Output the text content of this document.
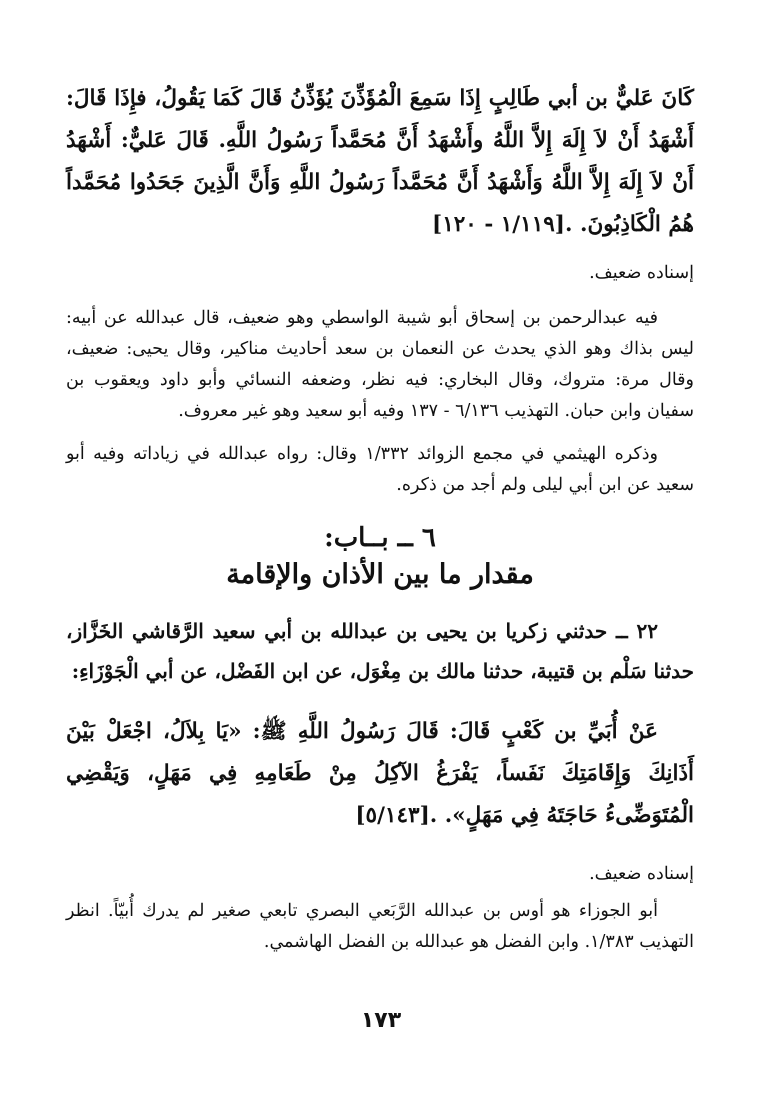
كَانَ عَليٌّ بن أبي طَالِبٍ إِذَا سَمِعَ الْمُؤَذِّنَ يُؤَذِّنُ قَالَ كَمَا يَقُولُ، فإِذَا قَالَ: أَشْهَدُ أَنْ لاَ إِلَهَ إِلاَّ اللَّهُ وأَشْهَدُ أَنَّ مُحَمَّداً رَسُولُ اللَّهِ. قَالَ عَليٌّ: أَشْهَدُ أَنْ لاَ إِلَهَ إِلاَّ اللَّهُ وَأَشْهَدُ أَنَّ مُحَمَّداً رَسُولُ اللَّهِ وَأَنَّ الَّذِينَ جَحَدُوا مُحَمَّداً هُمُ الْكَاذِبُونَ. [١/١١٩ - ١٢٠].

إسناده ضعيف.

فيه عبدالرحمن بن إسحاق أبو شيبة الواسطي وهو ضعيف، قال عبدالله عن أبيه: ليس بذاك وهو الذي يحدث عن النعمان بن سعد أحاديث مناكير، وقال يحيى: ضعيف، وقال مرة: متروك، وقال البخاري: فيه نظر، وضعفه النسائي وأبو داود ويعقوب بن سفيان وابن حبان. التهذيب ٦/١٣٦ - ١٣٧ وفيه أبو سعيد وهو غير معروف.

وذكره الهيثمي في مجمع الزوائد ١/٣٣٢ وقال: رواه عبدالله في زياداته وفيه أبو سعيد عن ابن أبي ليلى ولم أجد من ذكره.

٦ ــ بــاب:
مقدار ما بين الأذان والإقامة

٢٢ ــ حدثني زكريا بن يحيى بن عبدالله بن أبي سعيد الرَّقاشي الخَزَّاز، حدثنا سَلْم بن قتيبة، حدثنا مالك بن مِغْوَل، عن ابن الفَضْل، عن أبي الْجَوْزَاءِ:

عَنْ أُبَيِّ بن كَعْبٍ قَالَ: قَالَ رَسُولُ اللَّهِ ﷺ: «يَا بِلاَلُ، اجْعَلْ بَيْنَ أَذَانِكَ وَإِقَامَتِكَ نَفَساً، يَفْرَغُ الآكِلُ مِنْ طَعَامِهِ فِي مَهَلٍ، وَيَقْضِي الْمُتَوَضِّىءُ حَاجَتَهُ فِي مَهَلٍ». [٥/١٤٣].

إسناده ضعيف.

أبو الجوزاء هو أوس بن عبدالله الرَّبَعي البصري تابعي صغير لم يدرك أُبيّاً. انظر التهذيب ١/٣٨٣. وابن الفضل هو عبدالله بن الفضل الهاشمي.

١٧٣
